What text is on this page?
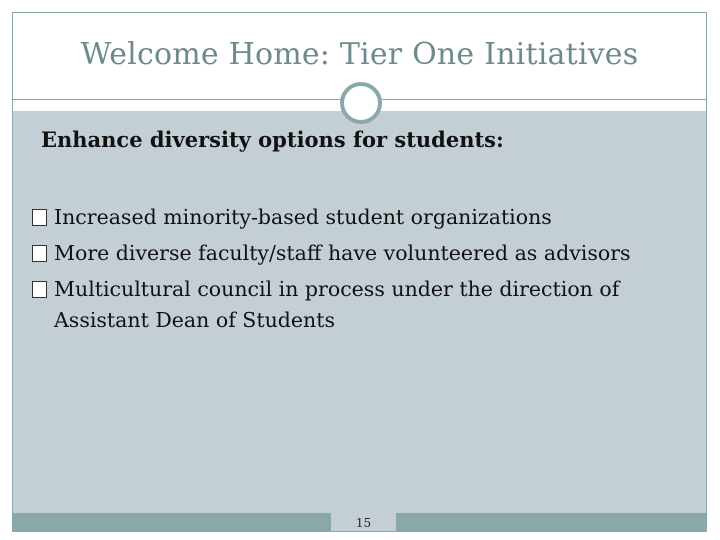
Welcome Home: Tier One Initiatives
Enhance diversity options for students:
Increased minority-based student organizations
More diverse faculty/staff have volunteered as advisors
Multicultural council in process under the direction of
Assistant Dean of Students
15
